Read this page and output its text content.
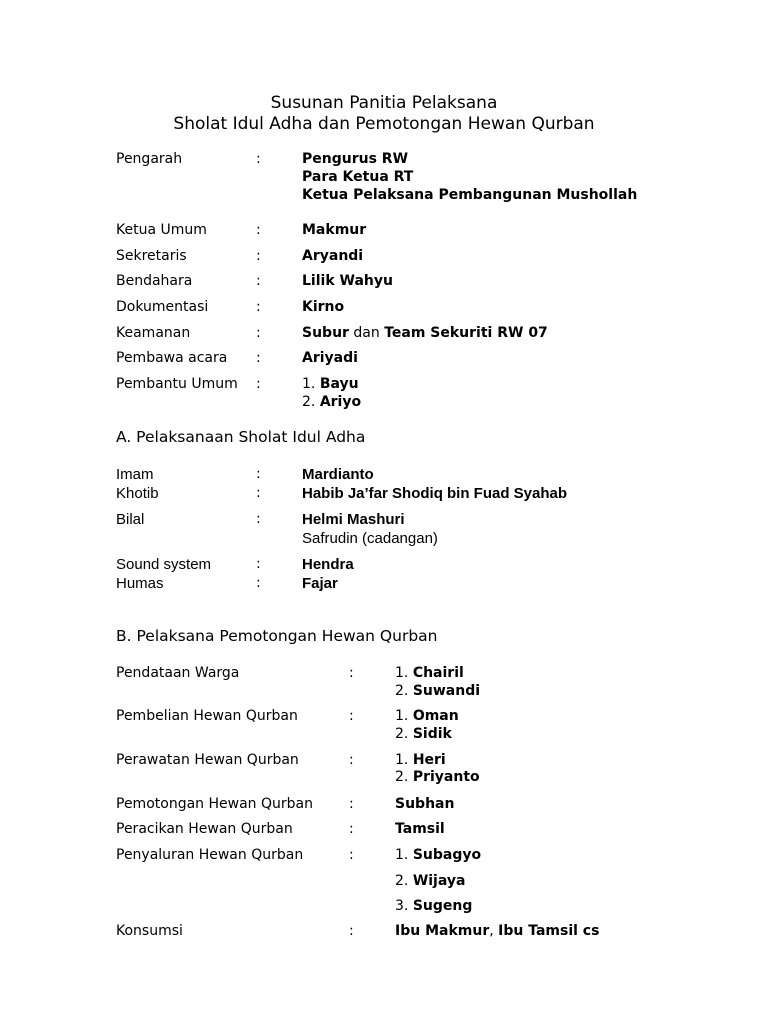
Susunan Panitia Pelaksana
Sholat Idul Adha dan Pemotongan Hewan Qurban
Pengarah	:	Pengurus RW
Para Ketua RT
Ketua Pelaksana Pembangunan Mushollah
Ketua Umum	:	Makmur
Sekretaris	:	Aryandi
Bendahara	:	Lilik Wahyu
Dokumentasi	:	Kirno
Keamanan	:	Subur dan Team Sekuriti RW 07
Pembawa acara :	Ariyadi
Pembantu Umum :	1. Bayu
2. Ariyo
A. Pelaksanaan Sholat Idul Adha
Imam	:	Mardianto
Khotib	:	Habib Ja’far Shodiq bin Fuad Syahab
Bilal	:	Helmi Mashuri
Safrudin (cadangan)
Sound system	:	Hendra
Humas	:	Fajar
B. Pelaksana Pemotongan Hewan Qurban
Pendataan Warga	:	1. Chairil
2. Suwandi
Pembelian Hewan Qurban	:	1. Oman
2. Sidik
Perawatan Hewan Qurban	:	1. Heri
2. Priyanto
Pemotongan Hewan Qurban	:	Subhan
Peracikan Hewan Qurban	:	Tamsil
Penyaluran Hewan Qurban	:	1. Subagyo
2. Wijaya
3. Sugeng
Konsumsi	:	Ibu Makmur, Ibu Tamsil cs
